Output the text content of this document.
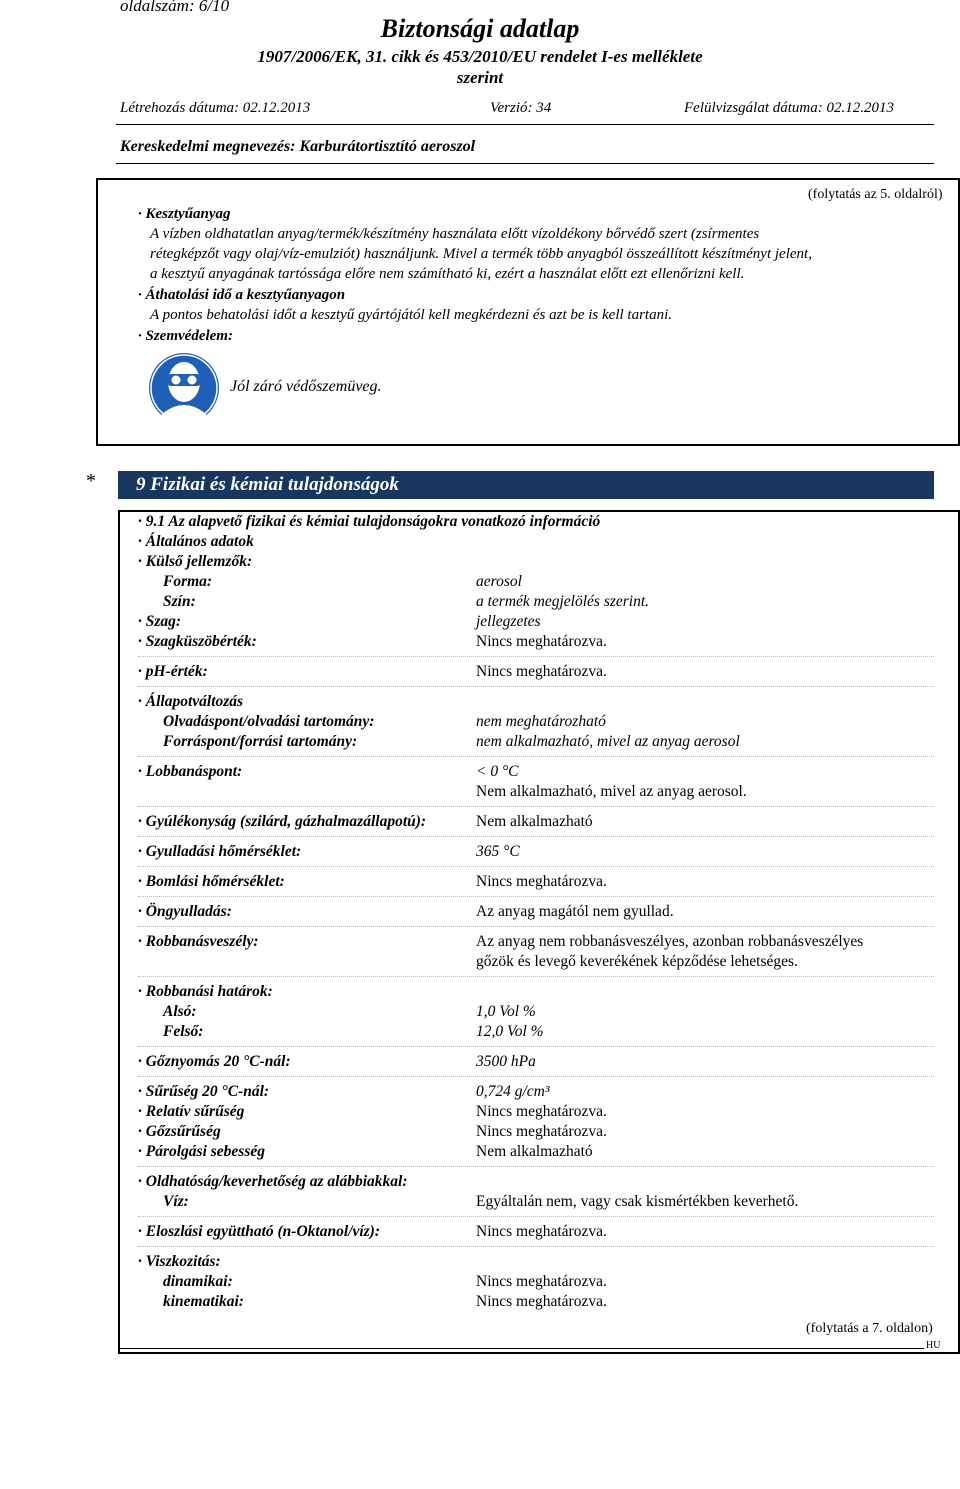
oldalszám: 6/10
Biztonsági adatlap
1907/2006/EK, 31. cikk és 453/2010/EU rendelet I-es melléklete
szerint
Létrehozás dátuma: 02.12.2013	Verzió: 34	Felülvizsgálat dátuma: 02.12.2013
Kereskedelmi megnevezés: Karburátortisztító aeroszol
(folytatás az 5. oldalról)
· Kesztyűanyag
A vízben oldhatatlan anyag/termék/készítmény használata előtt vízoldékony bőrvédő szert (zsírmentes
rétegképzőt vagy olaj/víz-emulziót) használjunk. Mivel a termék több anyagból összeállított készítményt jelent,
a kesztyű anyagának tartóssága előre nem számítható ki, ezért a használat előtt ezt ellenőrizni kell.
· Áthatolási idő a kesztyűanyagon
A pontos behatolási időt a kesztyű gyártójától kell megkérdezni és azt be is kell tartani.
· Szemvédelem:
Jól záró védőszemüveg.
* 9 Fizikai és kémiai tulajdonságok
· 9.1 Az alapvető fizikai és kémiai tulajdonságokra vonatkozó információ
· Általános adatok
· Külső jellemzők:
Forma:	aerosol
Szín:	a termék megjelölés szerint.
· Szag:	jellegzetes
· Szagküszöbérték:	Nincs meghatározva.
· pH-érték:	Nincs meghatározva.
· Állapotváltozás
Olvadáspont/olvadási tartomány:	nem meghatározható
Forráspont/forrási tartomány:	nem alkalmazható, mivel az anyag aerosol
· Lobbanáspont:	< 0 °C
Nem alkalmazható, mivel az anyag aerosol.
· Gyúlékonyság (szilárd, gázhalmazállapotú):	Nem alkalmazható
· Gyulladási hőmérséklet:	365 °C
· Bomlási hőmérséklet:	Nincs meghatározva.
· Öngyulladás:	Az anyag magától nem gyullad.
· Robbanásveszély:	Az anyag nem robbanásveszélyes, azonban robbanásveszélyes
gőzök és levegő keverékének képződése lehetséges.
· Robbanási határok:
Alsó:	1,0 Vol %
Felső:	12,0 Vol %
· Gőznyomás 20 °C-nál:	3500 hPa
· Sűrűség 20 °C-nál:	0,724 g/cm³
· Relatív sűrűség	Nincs meghatározva.
· Gőzsűrűség	Nincs meghatározva.
· Párolgási sebesség	Nem alkalmazható
· Oldhatóság/keverhetőség az alábbiakkal:
Víz:	Egyáltalán nem, vagy csak kismértékben keverhető.
· Eloszlási együttható (n-Oktanol/víz):	Nincs meghatározva.
· Viszkozitás:
dinamikai:	Nincs meghatározva.
kinematikai:	Nincs meghatározva.
(folytatás a 7. oldalon)
HU
